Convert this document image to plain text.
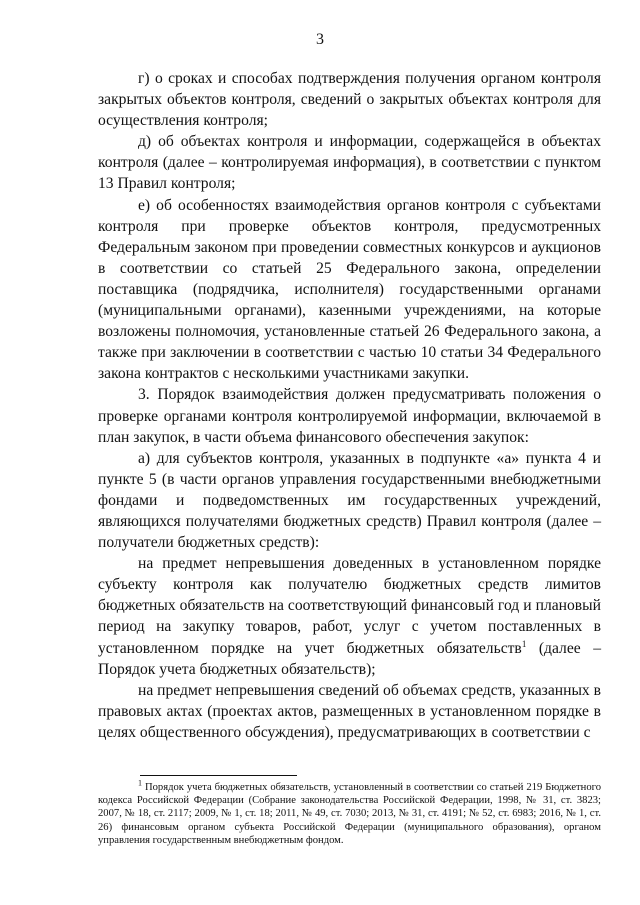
3

г) о сроках и способах подтверждения получения органом контроля закрытых объектов контроля, сведений о закрытых объектах контроля для осуществления контроля;

д) об объектах контроля и информации, содержащейся в объектах контроля (далее – контролируемая информация), в соответствии с пунктом 13 Правил контроля;

е) об особенностях взаимодействия органов контроля с субъектами контроля при проверке объектов контроля, предусмотренных Федеральным законом при проведении совместных конкурсов и аукционов в соответствии со статьей 25 Федерального закона, определении поставщика (подрядчика, исполнителя) государственными органами (муниципальными органами), казенными учреждениями, на которые возложены полномочия, установленные статьей 26 Федерального закона, а также при заключении в соответствии с частью 10 статьи 34 Федерального закона контрактов с несколькими участниками закупки.

3. Порядок взаимодействия должен предусматривать положения о проверке органами контроля контролируемой информации, включаемой в план закупок, в части объема финансового обеспечения закупок:

а) для субъектов контроля, указанных в подпункте «а» пункта 4 и пункте 5 (в части органов управления государственными внебюджетными фондами и подведомственных им государственных учреждений, являющихся получателями бюджетных средств) Правил контроля (далее – получатели бюджетных средств):

на предмет непревышения доведенных в установленном порядке субъекту контроля как получателю бюджетных средств лимитов бюджетных обязательств на соответствующий финансовый год и плановый период на закупку товаров, работ, услуг с учетом поставленных в установленном порядке на учет бюджетных обязательств$^1$ (далее – Порядок учета бюджетных обязательств);

на предмет непревышения сведений об объемах средств, указанных в правовых актах (проектах актов, размещенных в установленном порядке в целях общественного обсуждения), предусматривающих в соответствии с

$^1$ Порядок учета бюджетных обязательств, установленный в соответствии со статьей 219 Бюджетного кодекса Российской Федерации (Собрание законодательства Российской Федерации, 1998, № 31, ст. 3823; 2007, № 18, ст. 2117; 2009, № 1, ст. 18; 2011, № 49, ст. 7030; 2013, № 31, ст. 4191; № 52, ст. 6983; 2016, № 1, ст. 26) финансовым органом субъекта Российской Федерации (муниципального образования), органом управления государственным внебюджетным фондом.
